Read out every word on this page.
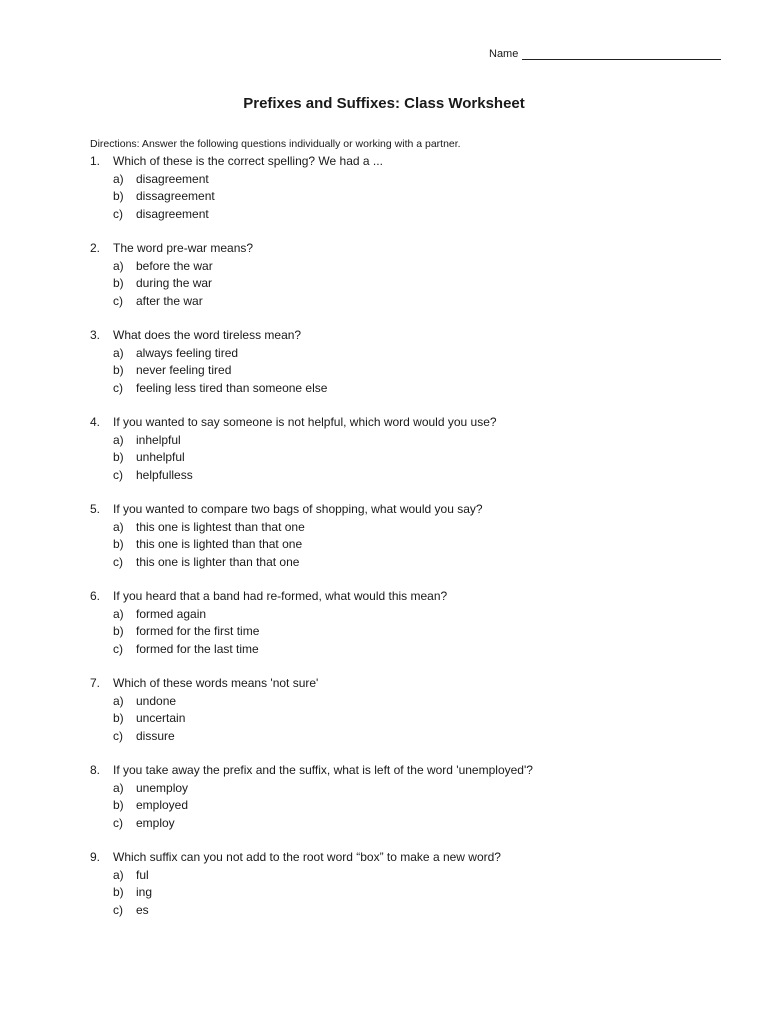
Name
Prefixes and Suffixes: Class Worksheet
Directions: Answer the following questions individually or working with a partner.
1. Which of these is the correct spelling? We had a ...
a) disagreement
b) dissagreement
c) disagreement
2. The word pre-war means?
a) before the war
b) during the war
c) after the war
3. What does the word tireless mean?
a) always feeling tired
b) never feeling tired
c) feeling less tired than someone else
4. If you wanted to say someone is not helpful, which word would you use?
a) inhelpful
b) unhelpful
c) helpfulless
5. If you wanted to compare two bags of shopping, what would you say?
a) this one is lightest than that one
b) this one is lighted than that one
c) this one is lighter than that one
6. If you heard that a band had re-formed, what would this mean?
a) formed again
b) formed for the first time
c) formed for the last time
7. Which of these words means 'not sure'
a) undone
b) uncertain
c) dissure
8. If you take away the prefix and the suffix, what is left of the word 'unemployed'?
a) unemploy
b) employed
c) employ
9. Which suffix can you not add to the root word “box” to make a new word?
a) ful
b) ing
c) es
